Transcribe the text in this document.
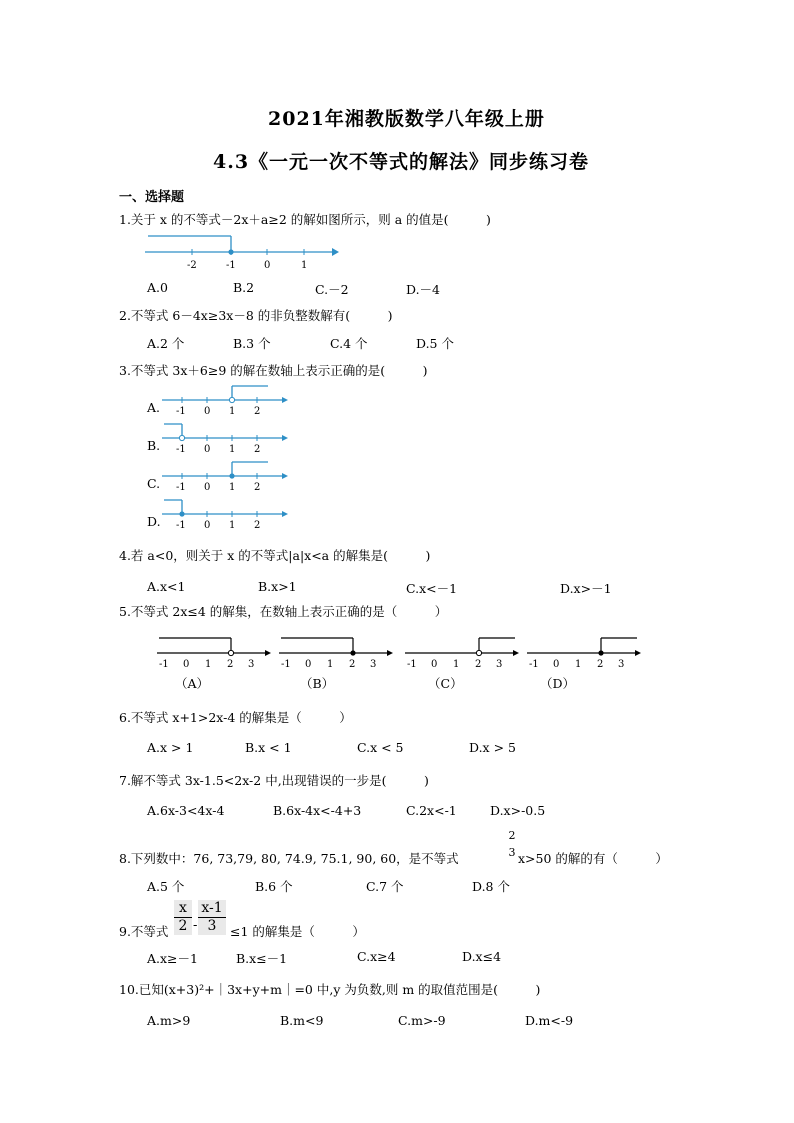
2021年湘教版数学八年级上册
4.3《一元一次不等式的解法》同步练习卷
一、选择题
1.关于 x 的不等式－2x＋a≥2 的解如图所示，则 a 的值是(　　　)
-2	-1	0	1
A.0	B.2	C.－2	D.－4
2.不等式 6－4x≥3x－8 的非负整数解有(　　　)
A.2 个	B.3 个	C.4 个	D.5 个
3.不等式 3x＋6≥9 的解在数轴上表示正确的是(　　　)
A. -1 0 1 2
B. -1 0 1 2
C. -1 0 1 2
D. -1 0 1 2
4.若 a<0，则关于 x 的不等式|a|x<a 的解集是(　　　)
A.x<1	B.x>1	C.x<－1	D.x>－1
5.不等式 2x≤4 的解集，在数轴上表示正确的是（　　　）
-1 0 1 2 3
（A）
-1 0 1 2 3
（B）
-1 0 1 2 3
（C）
-1 0 1 2 3
（D）
6.不等式 x+1>2x-4 的解集是（　　　）
A.x > 1	B.x < 1	C.x < 5	D.x > 5
7.解不等式 3x-1.5<2x-2 中,出现错误的一步是(　　　)
A.6x-3<4x-4	B.6x-4x<-4+3	C.2x<-1	D.x>-0.5
8.下列数中：76, 73,79, 80, 74.9, 75.1, 90, 60，是不等式
2
3 x>50 的解的有（　　　）
A.5 个	B.6 个	C.7 个	D.8 个
9.不等式 $\frac{x}{2} - \frac{x-1}{3} \le 1$ 的解集是（　　　）
A.x≥－1	B.x≤－1	C.x≥4	D.x≤4
10.已知(x+3)²+｜3x+y+m｜=0 中,y 为负数,则 m 的取值范围是(　　　)
A.m>9	B.m<9	C.m>-9	D.m<-9
